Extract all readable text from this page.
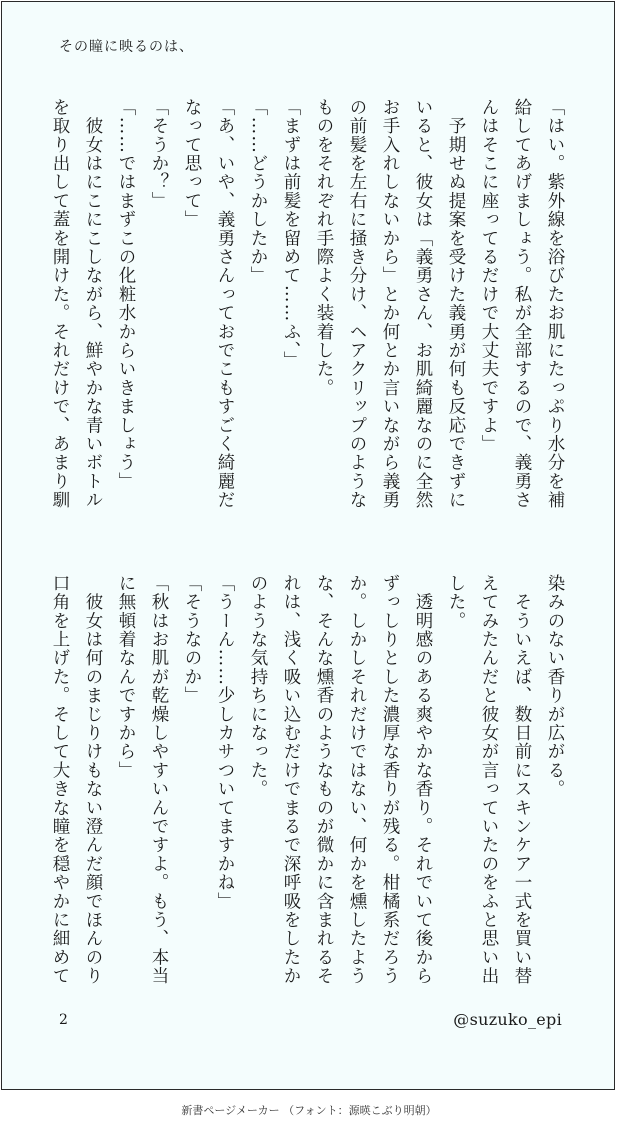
その瞳に映るのは、
「はい。紫外線を浴びたお肌にたっぷり水分を補
給してあげましょう。私が全部するので、義勇さ
んはそこに座ってるだけで大丈夫ですよ」
　予期せぬ提案を受けた義勇が何も反応できずに
いると、彼女は「義勇さん、お肌綺麗なのに全然
お手入れしないから」とか何とか言いながら義勇
の前髪を左右に掻き分け、ヘアクリップのような
ものをそれぞれ手際よく装着した。
「まずは前髪を留めて……ふ、」
「……どうかしたか」
「あ、いや、義勇さんっておでこもすごく綺麗だ
なって思って」
「そうか？」
「……ではまずこの化粧水からいきましょう」
　彼女はにこにこしながら、鮮やかな青いボトル
を取り出して蓋を開けた。それだけで、あまり馴
染みのない香りが広がる。
　そういえば、数日前にスキンケア一式を買い替
えてみたんだと彼女が言っていたのをふと思い出
した。
　透明感のある爽やかな香り。それでいて後から
ずっしりとした濃厚な香りが残る。柑橘系だろう
か。しかしそれだけではない、何かを燻したよう
な、そんな燻香のようなものが微かに含まれるそ
れは、浅く吸い込むだけでまるで深呼吸をしたか
のような気持ちになった。
「うーん……少しカサついてますかね」
「そうなのか」
「秋はお肌が乾燥しやすいんですよ。もう、本当
に無頓着なんですから」
　彼女は何のまじりけもない澄んだ顔でほんのり
口角を上げた。そして大きな瞳を穏やかに細めて
2	@suzuko_epi
新書ページメーカー （フォント：源暎こぶり明朝）
